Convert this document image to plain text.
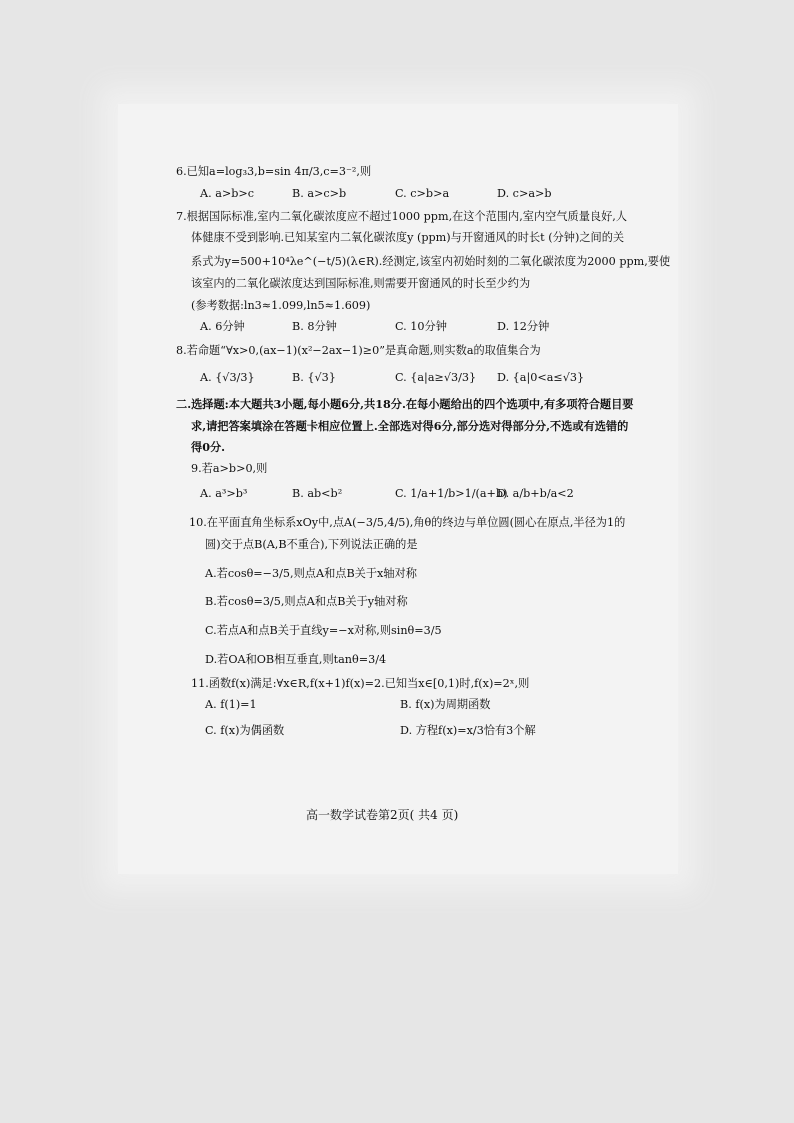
6.已知a=log₃3,b=sin 4π/3,c=3⁻²,则
A. a>b>c	B. a>c>b	C. c>b>a	D. c>a>b
7.根据国际标准,室内二氧化碳浓度应不超过1000 ppm,在这个范围内,室内空气质量良好,人
体健康不受到影响.已知某室内二氧化碳浓度y (ppm)与开窗通风的时长t (分钟)之间的关
系式为y=500+10⁴λe^(−t/5)(λ∈R).经测定,该室内初始时刻的二氧化碳浓度为2000 ppm,要使
该室内的二氧化碳浓度达到国际标准,则需要开窗通风的时长至少约为
(参考数据:ln3≈1.099,ln5≈1.609)
A. 6分钟	B. 8分钟	C. 10分钟	D. 12分钟
8.若命题“∀x>0,(ax−1)(x²−2ax−1)≥0”是真命题,则实数a的取值集合为
A. {√3/3}	B. {√3}	C. {a|a≥√3/3} D. {a|0<a≤√3}
二.选择题:本大题共3小题,每小题6分,共18分.在每小题给出的四个选项中,有多项符合题目要
求,请把答案填涂在答题卡相应位置上.全部选对得6分,部分选对得部分分,不选或有选错的
得0分.
9.若a>b>0,则
A. a³>b³	B. ab<b²	C. 1/a+1/b>1/(a+b)
D. a/b+b/a<2
10.在平面直角坐标系xOy中,点A(−3/5,4/5),角θ的终边与单位圆(圆心在原点,半径为1的
圆)交于点B(A,B不重合),下列说法正确的是
A.若cosθ=−3/5,则点A和点B关于x轴对称
B.若cosθ=3/5,则点A和点B关于y轴对称
C.若点A和点B关于直线y=−x对称,则sinθ=3/5
D.若OA和OB相互垂直,则tanθ=3/4
11.函数f(x)满足:∀x∈R,f(x+1)f(x)=2.已知当x∈[0,1)时,f(x)=2ˣ,则
A. f(1)=1	B. f(x)为周期函数
C. f(x)为偶函数	D. 方程f(x)=x/3恰有3个解
高一数学试卷第2页( 共4 页)
